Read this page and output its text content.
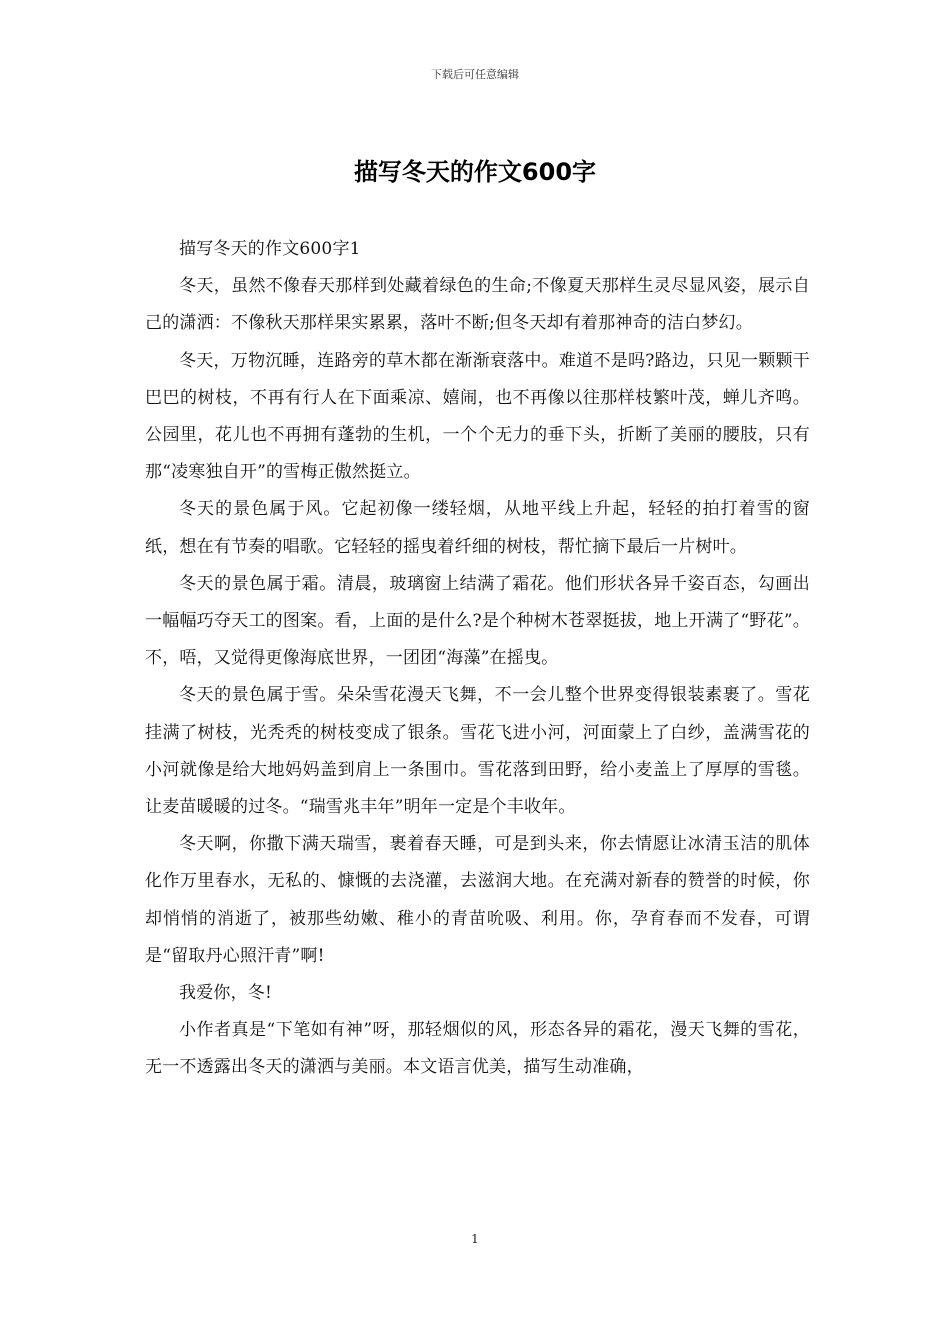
下载后可任意编辑
描写冬天的作文600字

描写冬天的作文600字1

冬天，虽然不像春天那样到处藏着绿色的生命;不像夏天那样生灵尽显风姿，展示自己的潇洒：不像秋天那样果实累累，落叶不断;但冬天却有着那神奇的洁白梦幻。

冬天，万物沉睡，连路旁的草木都在渐渐衰落中。难道不是吗?路边，只见一颗颗干巴巴的树枝，不再有行人在下面乘凉、嬉闹，也不再像以往那样枝繁叶茂，蝉儿齐鸣。公园里，花儿也不再拥有蓬勃的生机，一个个无力的垂下头，折断了美丽的腰肢，只有那“凌寒独自开”的雪梅正傲然挺立。

冬天的景色属于风。它起初像一缕轻烟，从地平线上升起，轻轻的拍打着雪的窗纸，想在有节奏的唱歌。它轻轻的摇曳着纤细的树枝，帮忙摘下最后一片树叶。

冬天的景色属于霜。清晨，玻璃窗上结满了霜花。他们形状各异千姿百态，勾画出一幅幅巧夺天工的图案。看，上面的是什么?是个种树木苍翠挺拔，地上开满了“野花”。不，唔，又觉得更像海底世界，一团团“海藻”在摇曳。

冬天的景色属于雪。朵朵雪花漫天飞舞，不一会儿整个世界变得银装素裹了。雪花挂满了树枝，光秃秃的树枝变成了银条。雪花飞进小河，河面蒙上了白纱，盖满雪花的小河就像是给大地妈妈盖到肩上一条围巾。雪花落到田野，给小麦盖上了厚厚的雪毯。让麦苗暖暖的过冬。“瑞雪兆丰年”明年一定是个丰收年。

冬天啊，你撒下满天瑞雪，裹着春天睡，可是到头来，你去情愿让冰清玉洁的肌体化作万里春水，无私的、慷慨的去浇灌，去滋润大地。在充满对新春的赞誉的时候，你却悄悄的消逝了，被那些幼嫩、稚小的青苗吮吸、利用。你，孕育春而不发春，可谓是“留取丹心照汗青”啊!

我爱你，冬!

小作者真是“下笔如有神”呀，那轻烟似的风，形态各异的霜花，漫天飞舞的雪花，无一不透露出冬天的潇洒与美丽。本文语言优美，描写生动准确，

1
